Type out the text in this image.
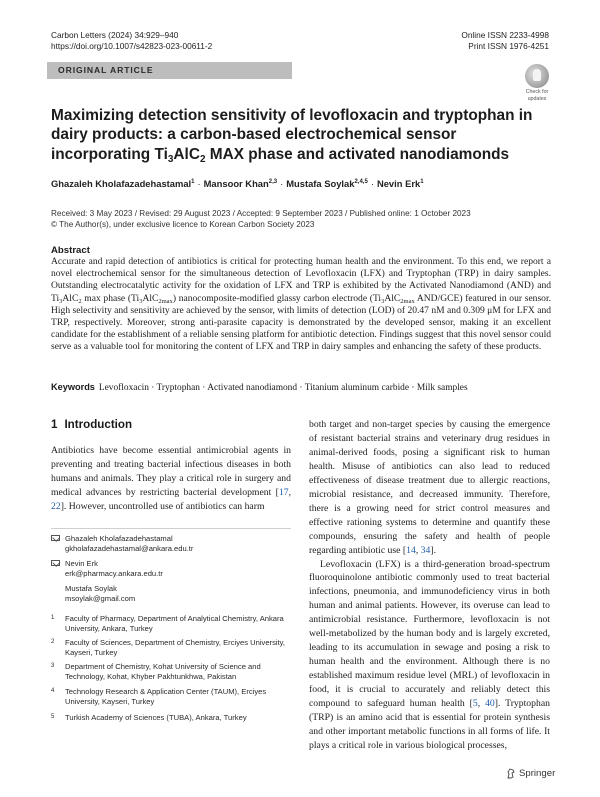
Carbon Letters (2024) 34:929–940
https://doi.org/10.1007/s42823-023-00611-2
Online ISSN 2233-4998
Print ISSN 1976-4251
ORIGINAL ARTICLE
Check for
updates
Maximizing detection sensitivity of levofloxacin and tryptophan in dairy products: a carbon-based electrochemical sensor incorporating $Ti_3AlC_2$ MAX phase and activated nanodiamonds
Ghazaleh Kholafazadehastamal$^1$ · Mansoor Khan$^{2,3}$ · Mustafa Soylak$^{2,4,5}$ · Nevin Erk$^1$
Received: 3 May 2023 / Revised: 29 August 2023 / Accepted: 9 September 2023 / Published online: 1 October 2023
© The Author(s), under exclusive licence to Korean Carbon Society 2023
Abstract
Accurate and rapid detection of antibiotics is critical for protecting human health and the environment. To this end, we report a novel electrochemical sensor for the simultaneous detection of Levofloxacin (LFX) and Tryptophan (TRP) in dairy samples. Outstanding electrocatalytic activity for the oxidation of LFX and TRP is exhibited by the Activated Nanodiamond (AND) and $Ti_3AlC_2$ max phase $(Ti_3AlC_{2max})$ nanocomposite-modified glassy carbon electrode ($Ti_3AlC_{2max}$ AND/GCE) featured in our sensor. High selectivity and sensitivity are achieved by the sensor, with limits of detection (LOD) of 20.47 nM and 0.309 μM for LFX and TRP, respectively. Moreover, strong anti-parasite capacity is demonstrated by the developed sensor, making it an excellent candidate for the establishment of a reliable sensing platform for antibiotic detection. Findings suggest that this novel sensor could serve as a valuable tool for monitoring the content of LFX and TRP in dairy samples and enhancing the safety of these products.
Keywords Levofloxacin · Tryptophan · Activated nanodiamond · Titanium aluminum carbide · Milk samples
1 Introduction
Antibiotics have become essential antimicrobial agents in preventing and treating bacterial infectious diseases in both humans and animals. They play a critical role in surgery and medical advances by restricting bacterial development [17, 22]. However, uncontrolled use of antibiotics can harm
Ghazaleh Kholafazadehastamal
gkholafazadehastamal@ankara.edu.tr
Nevin Erk
erk@pharmacy.ankara.edu.tr
Mustafa Soylak
msoylak@gmail.com
1 Faculty of Pharmacy, Department of Analytical Chemistry, Ankara University, Ankara, Turkey
2 Faculty of Sciences, Department of Chemistry, Erciyes University, Kayseri, Turkey
3 Department of Chemistry, Kohat University of Science and Technology, Kohat, Khyber Pakhtunkhwa, Pakistan
4 Technology Research & Application Center (TAUM), Erciyes University, Kayseri, Turkey
5 Turkish Academy of Sciences (TUBA), Ankara, Turkey

both target and non-target species by causing the emergence of resistant bacterial strains and veterinary drug residues in animal-derived foods, posing a significant risk to human health. Misuse of antibiotics can also lead to reduced effectiveness of disease treatment due to allergic reactions, microbial resistance, and decreased immunity. Therefore, there is a growing need for strict control measures and effective rationing systems to determine and quantify these compounds, ensuring the safety and health of people regarding antibiotic use [14, 34].

Levofloxacin (LFX) is a third-generation broad-spectrum fluoroquinolone antibiotic commonly used to treat bacterial infections, pneumonia, and immunodeficiency virus in both human and animal patients. However, its overuse can lead to antimicrobial resistance. Furthermore, levofloxacin is not well-metabolized by the human body and is largely excreted, leading to its accumulation in sewage and posing a risk to human health and the environment. Although there is no established maximum residue level (MRL) of levofloxacin in food, it is crucial to accurately and reliably detect this compound to safeguard human health [5, 40]. Tryptophan (TRP) is an amino acid that is essential for protein synthesis and other important metabolic functions in all forms of life. It plays a critical role in various biological processes,

Springer
